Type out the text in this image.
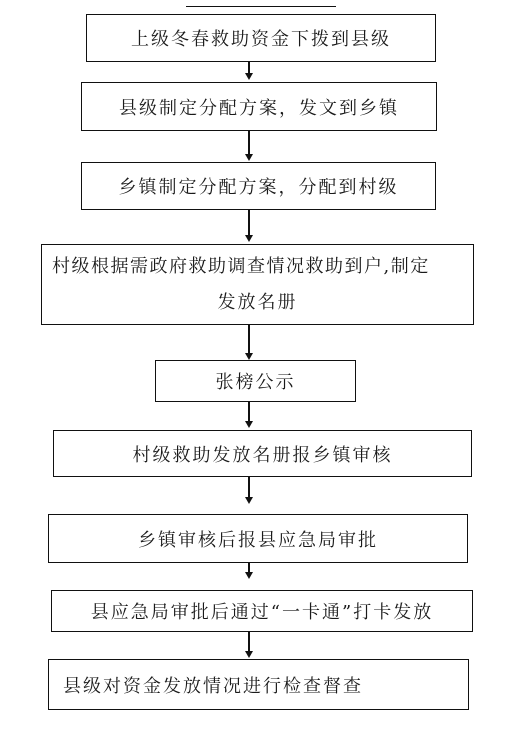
上级冬春救助资金下拨到县级
县级制定分配方案，发文到乡镇
乡镇制定分配方案，分配到村级
村级根据需政府救助调查情况救助到户,制定
发放名册
张榜公示
村级救助发放名册报乡镇审核
乡镇审核后报县应急局审批
县应急局审批后通过“一卡通”打卡发放
县级对资金发放情况进行检查督查
